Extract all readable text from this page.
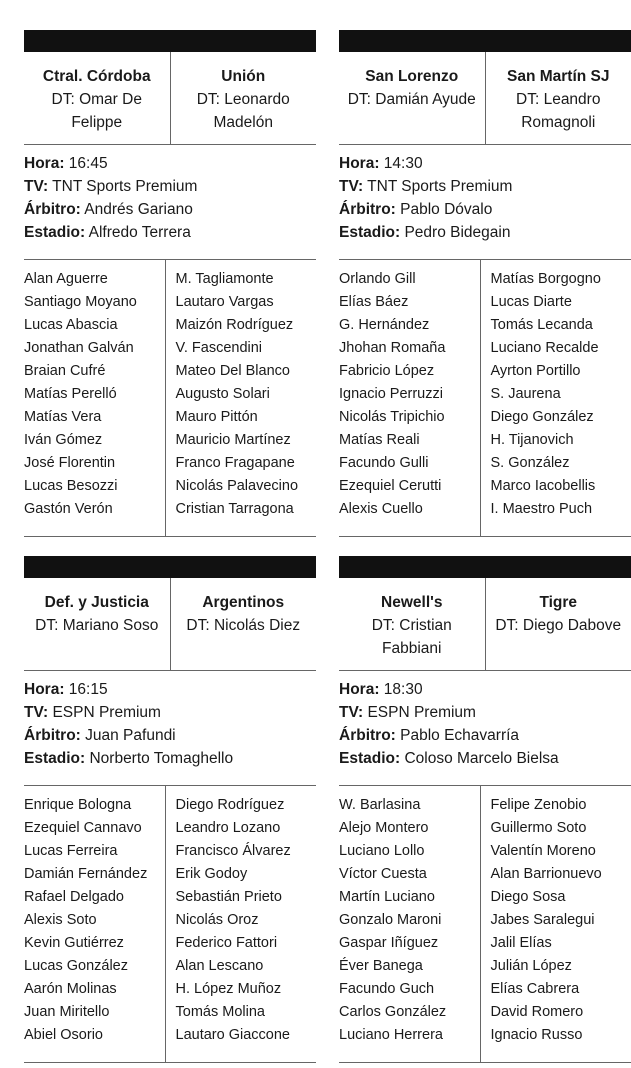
Ctral. Córdoba
DT: Omar De Felippe
Unión
DT: Leonardo Madelón
Hora: 16:45
TV: TNT Sports Premium
Árbitro: Andrés Gariano
Estadio: Alfredo Terrera
Alan Aguerre
Santiago Moyano
Lucas Abascia
Jonathan Galván
Braian Cufré
Matías Perelló
Matías Vera
Iván Gómez
José Florentin
Lucas Besozzi
Gastón Verón
M. Tagliamonte
Lautaro Vargas
Maizón Rodríguez
V. Fascendini
Mateo Del Blanco
Augusto Solari
Mauro Pittón
Mauricio Martínez
Franco Fragapane
Nicolás Palavecino
Cristian Tarragona
San Lorenzo
DT: Damián Ayude
San Martín SJ
DT: Leandro Romagnoli
Hora: 14:30
TV: TNT Sports Premium
Árbitro: Pablo Dóvalo
Estadio: Pedro Bidegain
Orlando Gill
Elías Báez
G. Hernández
Jhohan Romaña
Fabricio López
Ignacio Perruzzi
Nicolás Tripichio
Matías Reali
Facundo Gulli
Ezequiel Cerutti
Alexis Cuello
Matías Borgogno
Lucas Diarte
Tomás Lecanda
Luciano Recalde
Ayrton Portillo
S. Jaurena
Diego González
H. Tijanovich
S. González
Marco Iacobellis
I. Maestro Puch
Def. y Justicia
DT: Mariano Soso
Argentinos
DT: Nicolás Diez
Hora: 16:15
TV: ESPN Premium
Árbitro: Juan Pafundi
Estadio: Norberto Tomaghello
Enrique Bologna
Ezequiel Cannavo
Lucas Ferreira
Damián Fernández
Rafael Delgado
Alexis Soto
Kevin Gutiérrez
Lucas González
Aarón Molinas
Juan Miritello
Abiel Osorio
Diego Rodríguez
Leandro Lozano
Francisco Álvarez
Erik Godoy
Sebastián Prieto
Nicolás Oroz
Federico Fattori
Alan Lescano
H. López Muñoz
Tomás Molina
Lautaro Giaccone
Newell's
DT: Cristian Fabbiani
Tigre
DT: Diego Dabove
Hora: 18:30
TV: ESPN Premium
Árbitro: Pablo Echavarría
Estadio: Coloso Marcelo Bielsa
W. Barlasina
Alejo Montero
Luciano Lollo
Víctor Cuesta
Martín Luciano
Gonzalo Maroni
Gaspar Iñíguez
Éver Banega
Facundo Guch
Carlos González
Luciano Herrera
Felipe Zenobio
Guillermo Soto
Valentín Moreno
Alan Barrionuevo
Diego Sosa
Jabes Saralegui
Jalil Elías
Julián López
Elías Cabrera
David Romero
Ignacio Russo
